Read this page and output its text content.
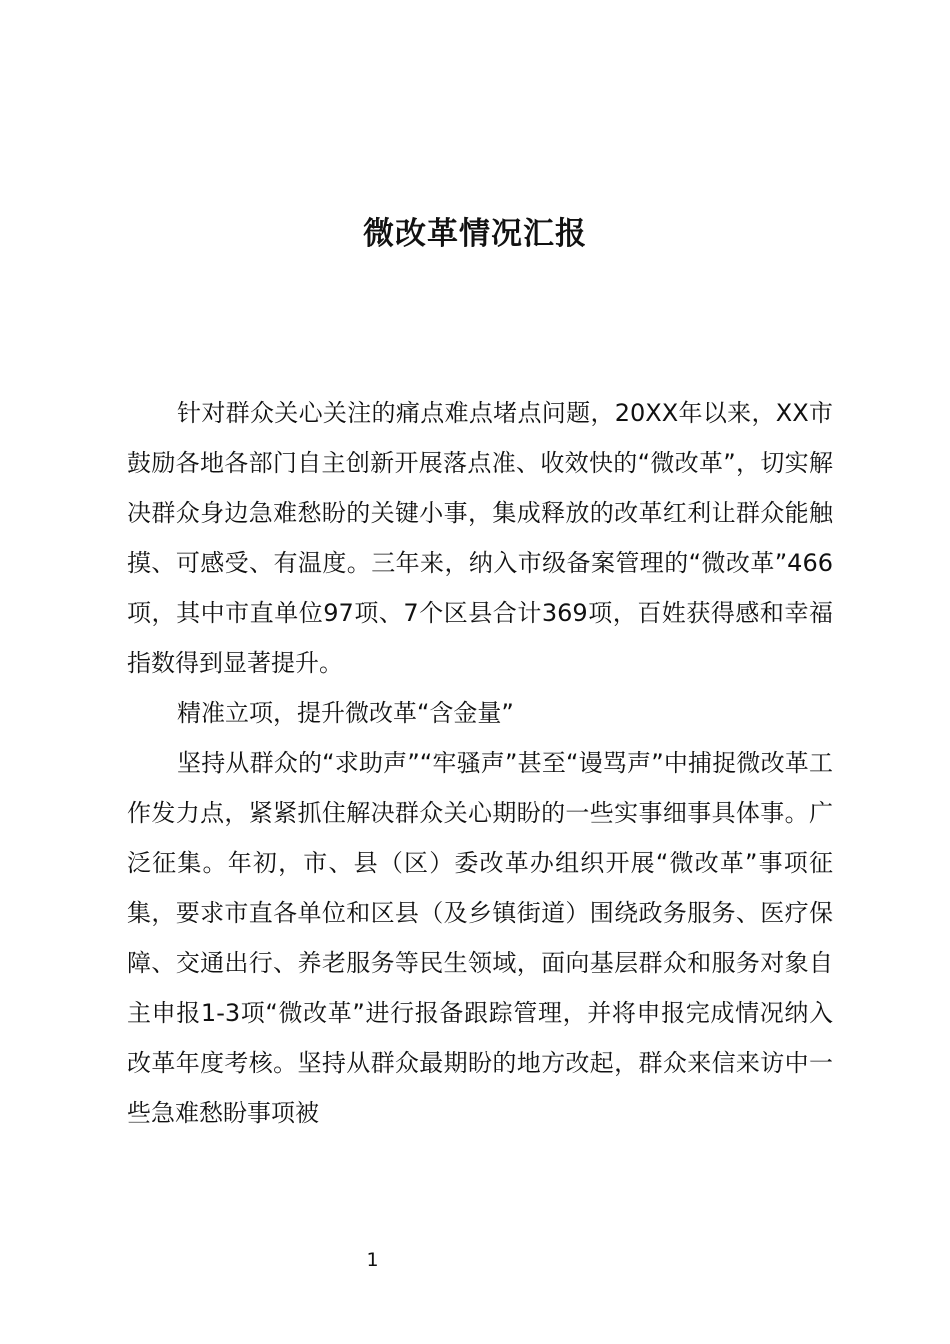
微改革情况汇报

针对群众关心关注的痛点难点堵点问题，20XX年以来，XX市鼓励各地各部门自主创新开展落点准、收效快的“微改革”，切实解决群众身边急难愁盼的关键小事，集成释放的改革红利让群众能触摸、可感受、有温度。三年来，纳入市级备案管理的“微改革”466项，其中市直单位97项、7个区县合计369项，百姓获得感和幸福指数得到显著提升。

精准立项，提升微改革“含金量”

坚持从群众的“求助声”“牢骚声”甚至“谩骂声”中捕捉微改革工作发力点，紧紧抓住解决群众关心期盼的一些实事细事具体事。广泛征集。年初，市、县（区）委改革办组织开展“微改革”事项征集，要求市直各单位和区县（及乡镇街道）围绕政务服务、医疗保障、交通出行、养老服务等民生领域，面向基层群众和服务对象自主申报1-3项“微改革”进行报备跟踪管理，并将申报完成情况纳入改革年度考核。坚持从群众最期盼的地方改起，群众来信来访中一些急难愁盼事项被

1
